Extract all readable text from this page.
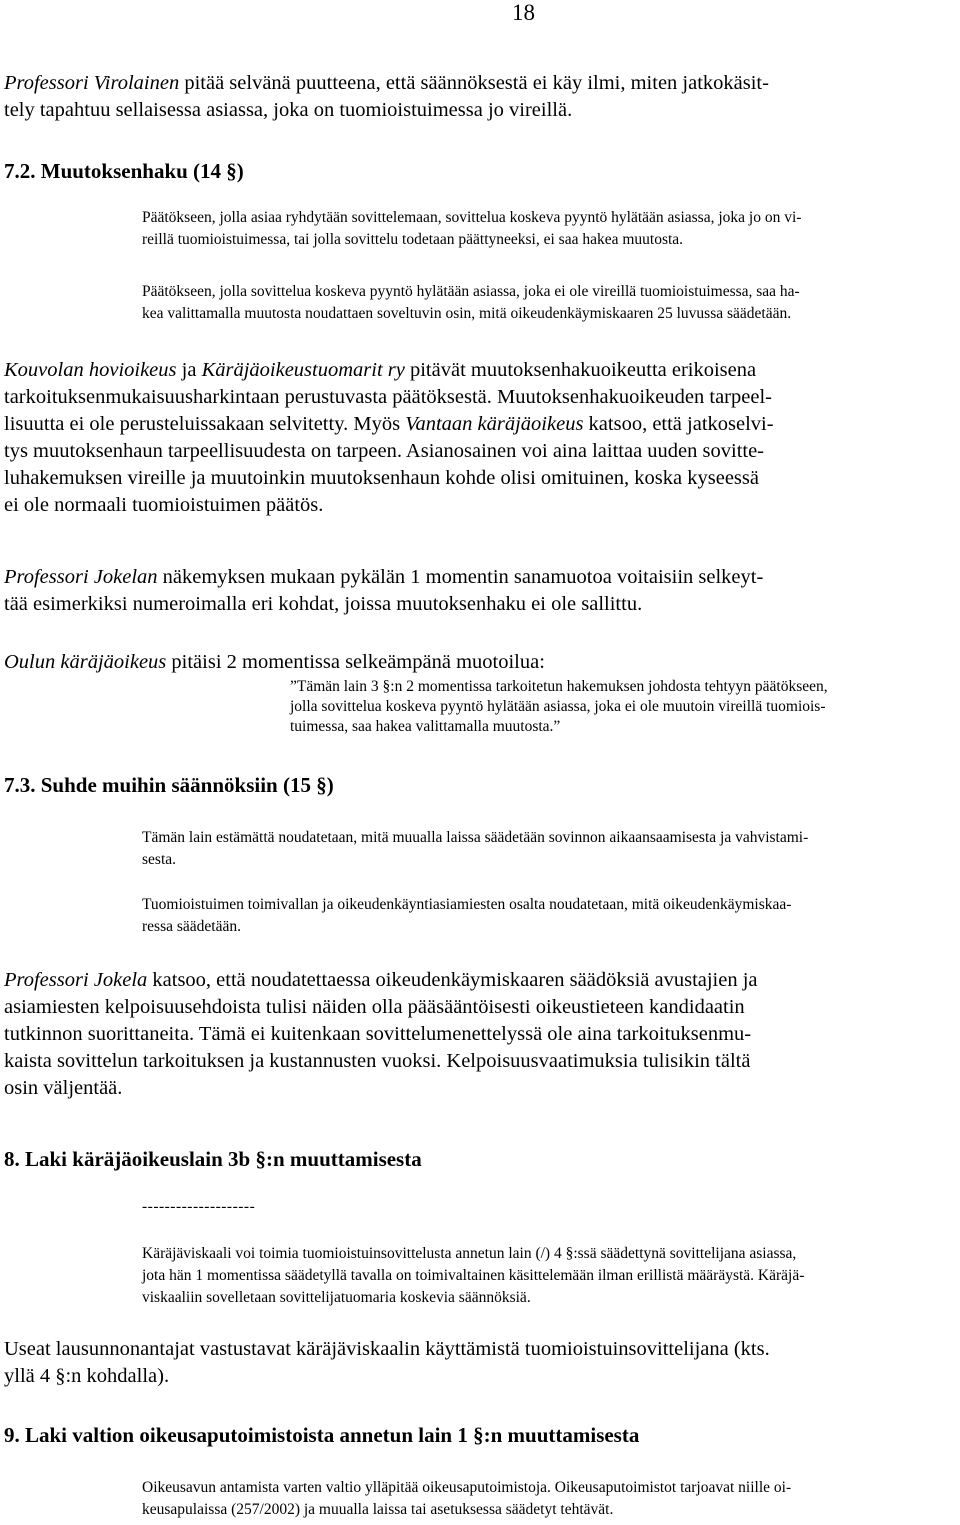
18

Professori Virolainen pitää selvänä puutteena, että säännöksestä ei käy ilmi, miten jatkokäsit-
tely tapahtuu sellaisessa asiassa, joka on tuomioistuimessa jo vireillä.

7.2. Muutoksenhaku (14 §)

Päätökseen, jolla asiaa ryhdytään sovittelemaan, sovittelua koskeva pyyntö hylätään asiassa, joka jo on vi-
reillä tuomioistuimessa, tai jolla sovittelu todetaan päättyneeksi, ei saa hakea muutosta.

Päätökseen, jolla sovittelua koskeva pyyntö hylätään asiassa, joka ei ole vireillä tuomioistuimessa, saa ha-
kea valittamalla muutosta noudattaen soveltuvin osin, mitä oikeudenkäymiskaaren 25 luvussa säädetään.

Kouvolan hovioikeus ja Käräjäoikeustuomarit ry pitävät muutoksenhakuoikeutta erikoisena
tarkoituksenmukaisuusharkintaan perustuvasta päätöksestä. Muutoksenhakuoikeuden tarpeel-
lisuutta ei ole perusteluissakaan selvitetty. Myös Vantaan käräjäoikeus katsoo, että jatkoselvi-
tys muutoksenhaun tarpeellisuudesta on tarpeen. Asianosainen voi aina laittaa uuden sovitte-
luhakemuksen vireille ja muutoinkin muutoksenhaun kohde olisi omituinen, koska kyseessä
ei ole normaali tuomioistuimen päätös.

Professori Jokelan näkemyksen mukaan pykälän 1 momentin sanamuotoa voitaisiin selkeyt-
tää esimerkiksi numeroimalla eri kohdat, joissa muutoksenhaku ei ole sallittu.

Oulun käräjäoikeus pitäisi 2 momentissa selkeämpänä muotoilua:

”Tämän lain 3 §:n 2 momentissa tarkoitetun hakemuksen johdosta tehtyyn päätökseen,
jolla sovittelua koskeva pyyntö hylätään asiassa, joka ei ole muutoin vireillä tuomiois-
tuimessa, saa hakea valittamalla muutosta.”

7.3. Suhde muihin säännöksiin (15 §)

Tämän lain estämättä noudatetaan, mitä muualla laissa säädetään sovinnon aikaansaamisesta ja vahvistami-
sesta.

Tuomioistuimen toimivallan ja oikeudenkäyntiasiamiesten osalta noudatetaan, mitä oikeudenkäymiskaa-
ressa säädetään.

Professori Jokela katsoo, että noudatettaessa oikeudenkäymiskaaren säädöksiä avustajien ja
asiamiesten kelpoisuusehdoista tulisi näiden olla pääsääntöisesti oikeustieteen kandidaatin
tutkinnon suorittaneita. Tämä ei kuitenkaan sovittelumenettelyssä ole aina tarkoituksenmu-
kaista sovittelun tarkoituksen ja kustannusten vuoksi. Kelpoisuusvaatimuksia tulisikin tältä
osin väljentää.

8. Laki käräjäoikeuslain 3b §:n muuttamisesta
--------------------

Käräjäviskaali voi toimia tuomioistuinsovittelusta annetun lain (/) 4 §:ssä säädettynä sovittelijana asiassa,
jota hän 1 momentissa säädetyllä tavalla on toimivaltainen käsittelemään ilman erillistä määräystä. Käräjä-
viskaaliin sovelletaan sovittelijatuomaria koskevia säännöksiä.

Useat lausunnonantajat vastustavat käräjäviskaalin käyttämistä tuomioistuinsovittelijana (kts.
yllä 4 §:n kohdalla).

9. Laki valtion oikeusaputoimistoista annetun lain 1 §:n muuttamisesta

Oikeusavun antamista varten valtio ylläpitää oikeusaputoimistoja. Oikeusaputoimistot tarjoavat niille oi-
keusapulaissa (257/2002) ja muualla laissa tai asetuksessa säädetyt tehtävät.
